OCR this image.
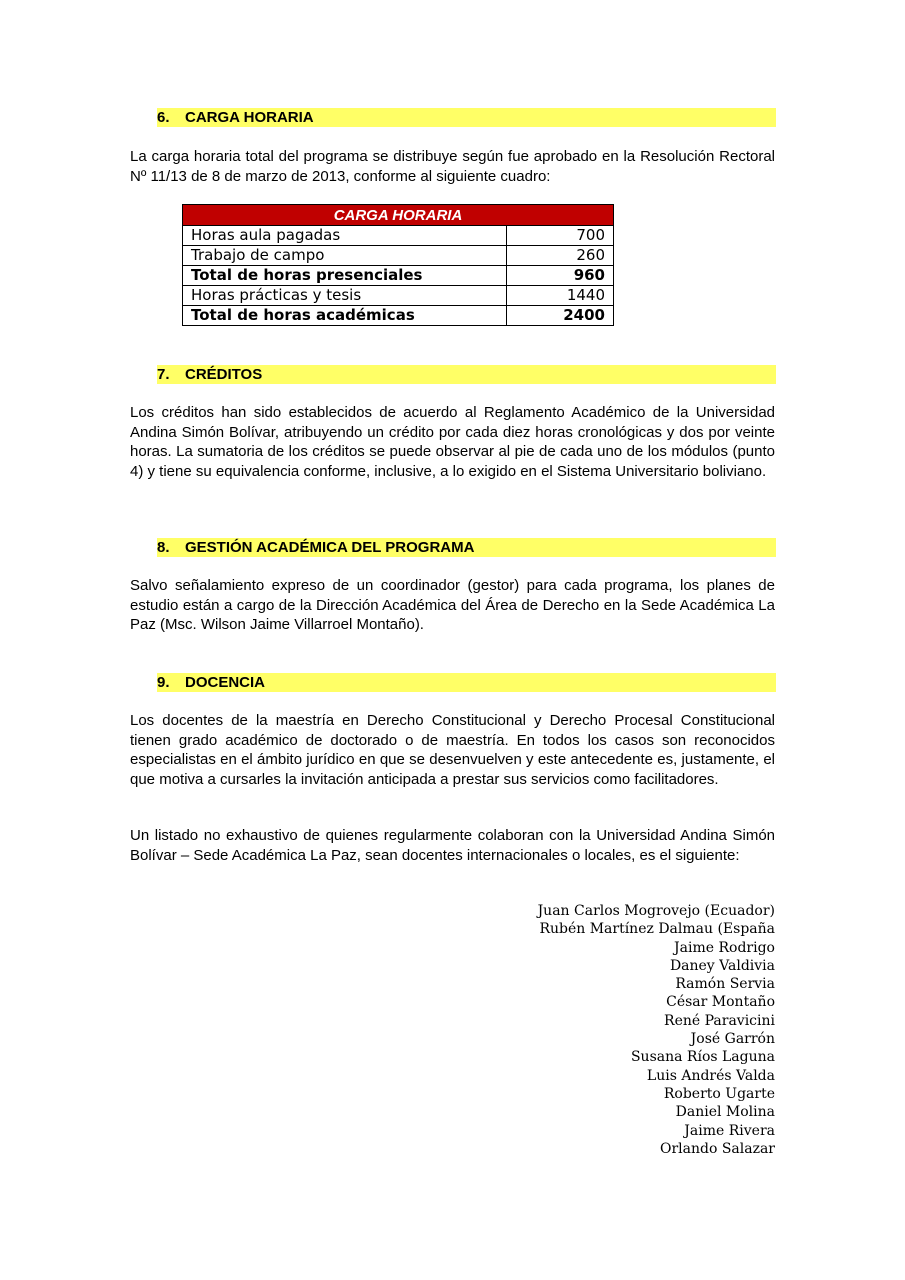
6. CARGA HORARIA

La carga horaria total del programa se distribuye según fue aprobado en la Resolución Rectoral Nº 11/13 de 8 de marzo de 2013, conforme al siguiente cuadro:

CARGA HORARIA	
Horas aula pagadas	700
Trabajo de campo	260
Total de horas presenciales	960
Horas prácticas y tesis	1440
Total de horas académicas	2400
7. CRÉDITOS

Los créditos han sido establecidos de acuerdo al Reglamento Académico de la Universidad Andina Simón Bolívar, atribuyendo un crédito por cada diez horas cronológicas y dos por veinte horas. La sumatoria de los créditos se puede observar al pie de cada uno de los módulos (punto 4) y tiene su equivalencia conforme, inclusive, a lo exigido en el Sistema Universitario boliviano.

8. GESTIÓN ACADÉMICA DEL PROGRAMA

Salvo señalamiento expreso de un coordinador (gestor) para cada programa, los planes de estudio están a cargo de la Dirección Académica del Área de Derecho en la Sede Académica La Paz (Msc. Wilson Jaime Villarroel Montaño).

9. DOCENCIA

Los docentes de la maestría en Derecho Constitucional y Derecho Procesal Constitucional tienen grado académico de doctorado o de maestría. En todos los casos son reconocidos especialistas en el ámbito jurídico en que se desenvuelven y este antecedente es, justamente, el que motiva a cursarles la invitación anticipada a prestar sus servicios como facilitadores.

Un listado no exhaustivo de quienes regularmente colaboran con la Universidad Andina Simón Bolívar – Sede Académica La Paz, sean docentes internacionales o locales, es el siguiente:

Juan Carlos Mogrovejo (Ecuador)
Rubén Martínez Dalmau (España
Jaime Rodrigo
Daney Valdivia
Ramón Servia
César Montaño
René Paravicini
José Garrón
Susana Ríos Laguna
Luis Andrés Valda
Roberto Ugarte
Daniel Molina
Jaime Rivera
Orlando Salazar
